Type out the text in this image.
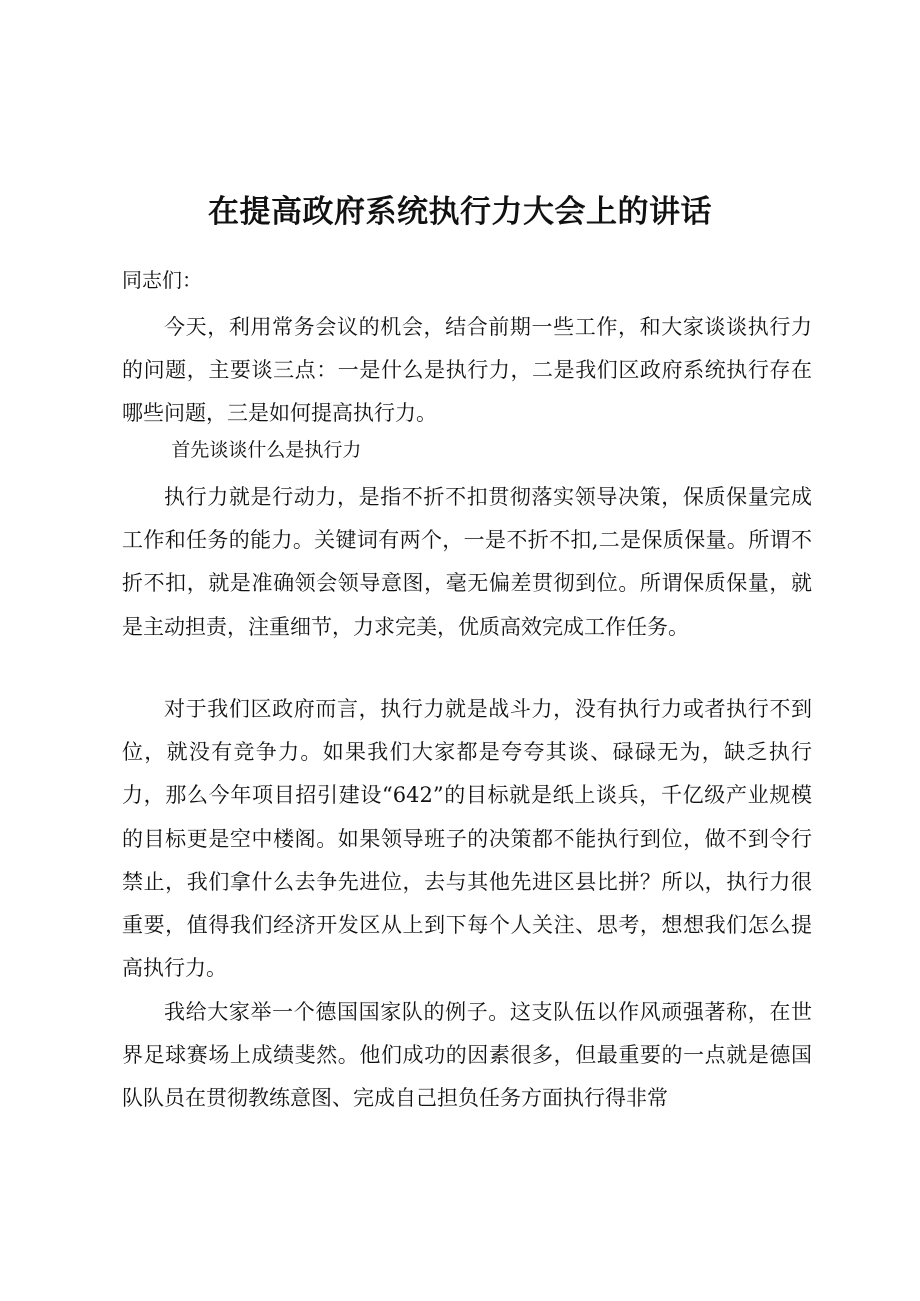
在提高政府系统执行力大会上的讲话

同志们：

今天，利用常务会议的机会，结合前期一些工作，和大家谈谈执行力的问题，主要谈三点：一是什么是执行力，二是我们区政府系统执行存在哪些问题，三是如何提高执行力。

首先谈谈什么是执行力

执行力就是行动力，是指不折不扣贯彻落实领导决策，保质保量完成工作和任务的能力。关键词有两个，一是不折不扣,二是保质保量。所谓不折不扣，就是准确领会领导意图，毫无偏差贯彻到位。所谓保质保量，就是主动担责，注重细节，力求完美，优质高效完成工作任务。

对于我们区政府而言，执行力就是战斗力，没有执行力或者执行不到位，就没有竞争力。如果我们大家都是夸夸其谈、碌碌无为，缺乏执行力，那么今年项目招引建设“642”的目标就是纸上谈兵，千亿级产业规模的目标更是空中楼阁。如果领导班子的决策都不能执行到位，做不到令行禁止，我们拿什么去争先进位，去与其他先进区县比拼？所以，执行力很重要，值得我们经济开发区从上到下每个人关注、思考，想想我们怎么提高执行力。

我给大家举一个德国国家队的例子。这支队伍以作风顽强著称，在世界足球赛场上成绩斐然。他们成功的因素很多，但最重要的一点就是德国队队员在贯彻教练意图、完成自己担负任务方面执行得非常
